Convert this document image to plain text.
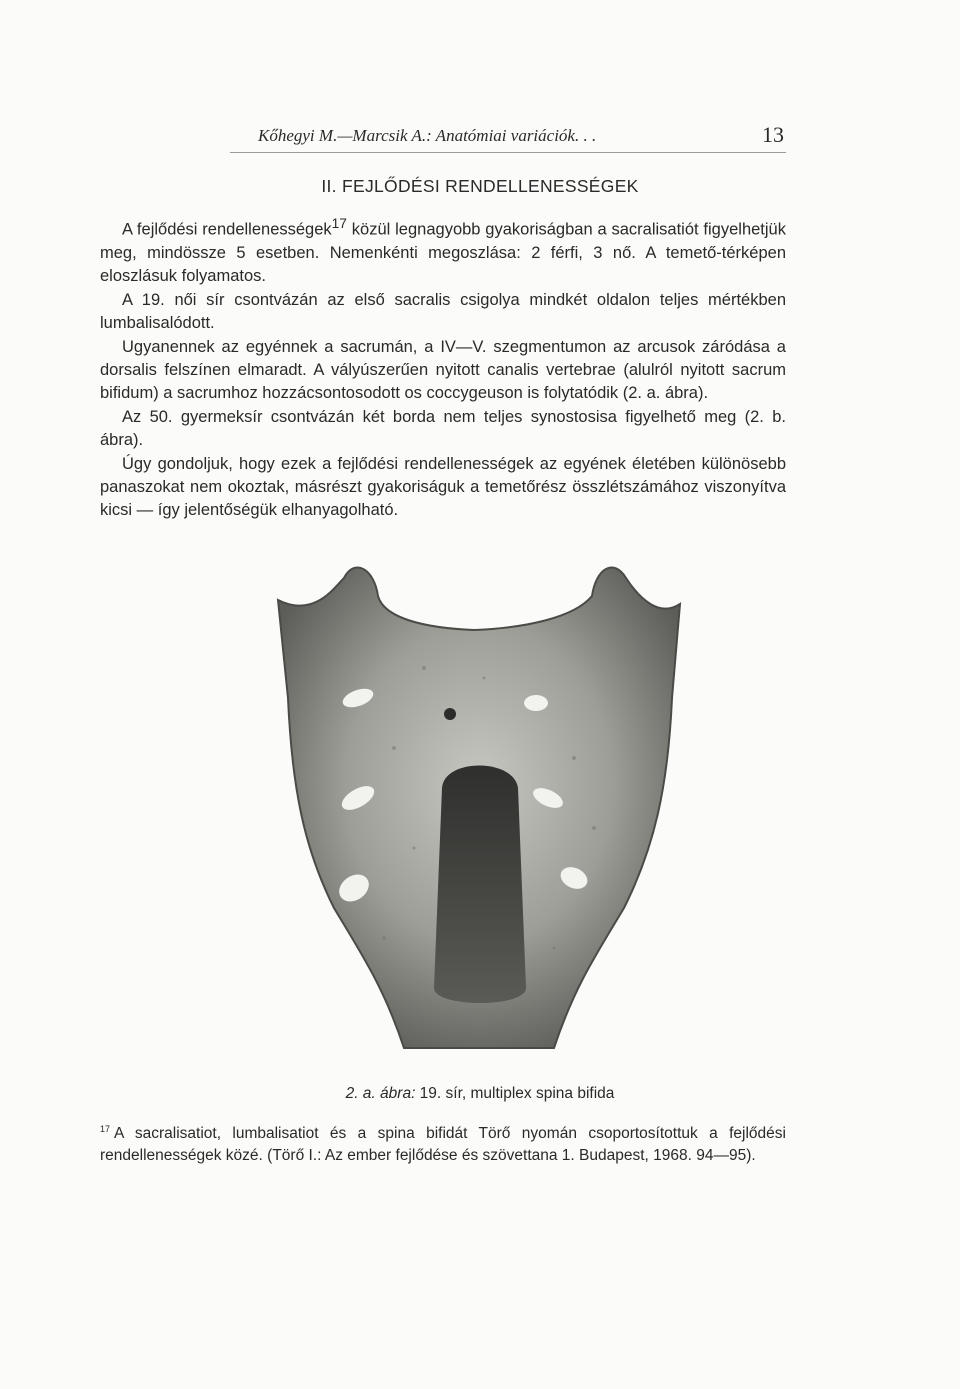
Kőhegyi M.—Marcsik A.: Anatómiai variációk. . .	13
II. FEJLŐDÉSI RENDELLENESSÉGEK

A fejlődési rendellenességek$^{17}$ közül legnagyobb gyakoriságban a sacralisatiót figyelhetjük meg, mindössze 5 esetben. Nemenkénti megoszlása: 2 férfi, 3 nő. A temető-térképen eloszlásuk folyamatos.

A 19. női sír csontvázán az első sacralis csigolya mindkét oldalon teljes mértékben lumbalisalódott.

Ugyanennek az egyénnek a sacrumán, a IV—V. szegmentumon az arcusok záródása a dorsalis felszínen elmaradt. A vályúszerűen nyitott canalis vertebrae (alulról nyitott sacrum bifidum) a sacrumhoz hozzácsontosodott os coccygeuson is folytatódik (2. a. ábra).

Az 50. gyermeksír csontvázán két borda nem teljes synostosisa figyelhető meg (2. b. ábra).

Úgy gondoljuk, hogy ezek a fejlődési rendellenességek az egyének életében különösebb panaszokat nem okoztak, másrészt gyakoriságuk a temetőrész összlétszámához viszonyítva kicsi — így jelentőségük elhanyagolható.

2. a. ábra: 19. sír, multiplex spina bifida
$^{17}$ A sacralisatiot, lumbalisatiot és a spina bifidát Törő nyomán csoportosítottuk a fejlődési rendellenességek közé. (Törő I.: Az ember fejlődése és szövettana 1. Budapest, 1968. 94—95).
